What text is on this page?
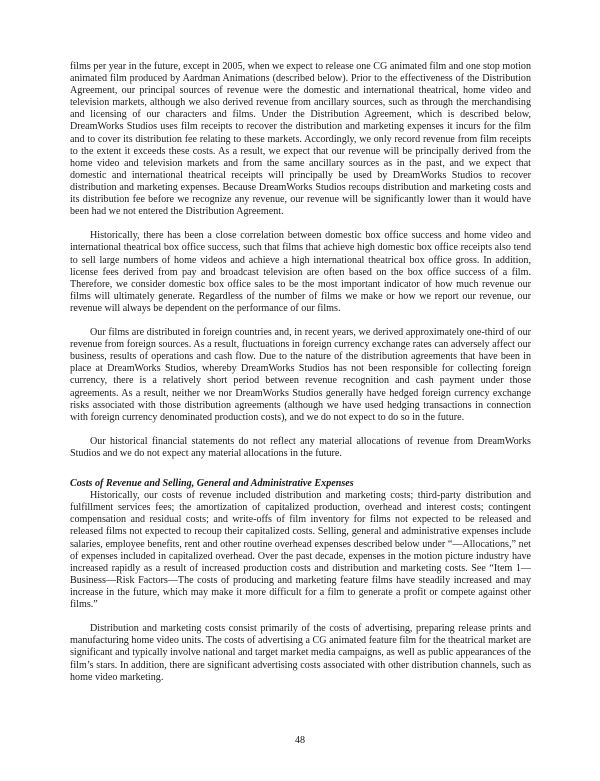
films per year in the future, except in 2005, when we expect to release one CG animated film and one stop motion animated film produced by Aardman Animations (described below). Prior to the effectiveness of the Distribution Agreement, our principal sources of revenue were the domestic and international theatrical, home video and television markets, although we also derived revenue from ancillary sources, such as through the merchandising and licensing of our characters and films. Under the Distribution Agreement, which is described below, DreamWorks Studios uses film receipts to recover the distribution and marketing expenses it incurs for the film and to cover its distribution fee relating to these markets. Accordingly, we only record revenue from film receipts to the extent it exceeds these costs. As a result, we expect that our revenue will be principally derived from the home video and television markets and from the same ancillary sources as in the past, and we expect that domestic and international theatrical receipts will principally be used by DreamWorks Studios to recover distribution and marketing expenses. Because DreamWorks Studios recoups distribution and marketing costs and its distribution fee before we recognize any revenue, our revenue will be significantly lower than it would have been had we not entered the Distribution Agreement.

Historically, there has been a close correlation between domestic box office success and home video and international theatrical box office success, such that films that achieve high domestic box office receipts also tend to sell large numbers of home videos and achieve a high international theatrical box office gross. In addition, license fees derived from pay and broadcast television are often based on the box office success of a film. Therefore, we consider domestic box office sales to be the most important indicator of how much revenue our films will ultimately generate. Regardless of the number of films we make or how we report our revenue, our revenue will always be dependent on the performance of our films.

Our films are distributed in foreign countries and, in recent years, we derived approximately one-third of our revenue from foreign sources. As a result, fluctuations in foreign currency exchange rates can adversely affect our business, results of operations and cash flow. Due to the nature of the distribution agreements that have been in place at DreamWorks Studios, whereby DreamWorks Studios has not been responsible for collecting foreign currency, there is a relatively short period between revenue recognition and cash payment under those agreements. As a result, neither we nor DreamWorks Studios generally have hedged foreign currency exchange risks associated with those distribution agreements (although we have used hedging transactions in connection with foreign currency denominated production costs), and we do not expect to do so in the future.

Our historical financial statements do not reflect any material allocations of revenue from DreamWorks Studios and we do not expect any material allocations in the future.

Costs of Revenue and Selling, General and Administrative Expenses

Historically, our costs of revenue included distribution and marketing costs; third-party distribution and fulfillment services fees; the amortization of capitalized production, overhead and interest costs; contingent compensation and residual costs; and write-offs of film inventory for films not expected to be released and released films not expected to recoup their capitalized costs. Selling, general and administrative expenses include salaries, employee benefits, rent and other routine overhead expenses described below under “—Allocations,” net of expenses included in capitalized overhead. Over the past decade, expenses in the motion picture industry have increased rapidly as a result of increased production costs and distribution and marketing costs. See “Item 1—Business—Risk Factors—The costs of producing and marketing feature films have steadily increased and may increase in the future, which may make it more difficult for a film to generate a profit or compete against other films.”

Distribution and marketing costs consist primarily of the costs of advertising, preparing release prints and manufacturing home video units. The costs of advertising a CG animated feature film for the theatrical market are significant and typically involve national and target market media campaigns, as well as public appearances of the film’s stars. In addition, there are significant advertising costs associated with other distribution channels, such as home video marketing.

48
